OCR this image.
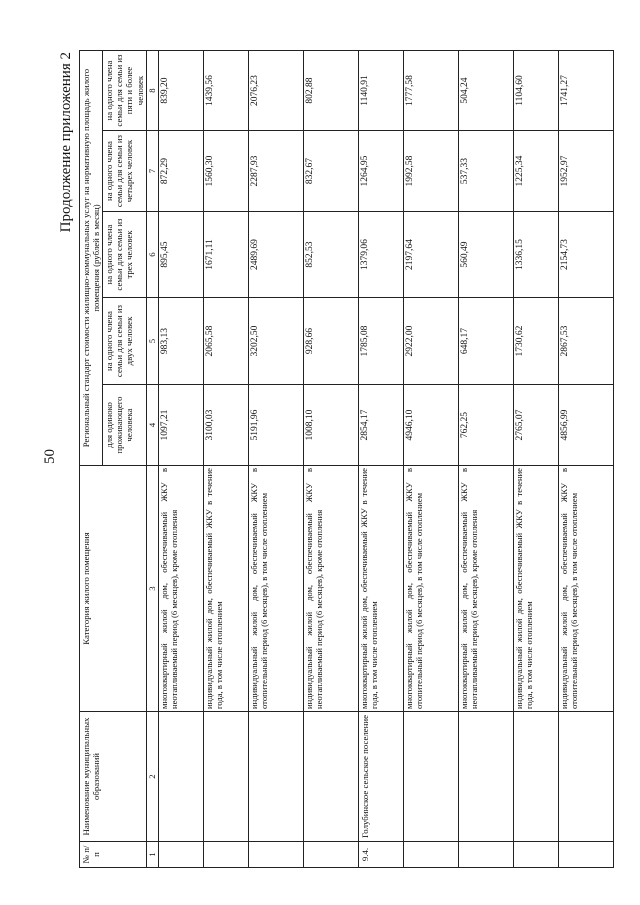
50
Продолжение приложения 2
№ п/п	Наименование муниципальных образований	Категория жилого помещения	Региональный стандарт стоимости жилищно-коммунальных услуг на нормативную площадь жилого помещения (рублей в месяц)				
			для одиноко проживающего человека	на одного члена семьи для семьи из двух человек	на одного члена семьи для семьи из трех человек	на одного члена семьи для семьи из четырех человек	на одного члена семьи для семьи из пяти и более человек
1	2	3	4	5	6	7	8
		многоквартирный жилой дом, обеспечиваемый ЖКУ в неотапливаемый период (6 месяцев), кроме отопления	1097,21	983,13	895,45	872,29	839,20
		индивидуальный жилой дом, обеспечиваемый ЖКУ в течение года, в том числе отоплением	3100,03	2065,58	1671,11	1560,30	1439,56
		индивидуальный жилой дом, обеспечиваемый ЖКУ в отопительный период (6 месяцев), в том числе отоплением	5191,96	3202,50	2489,69	2287,93	2076,23
		индивидуальный жилой дом, обеспечиваемый ЖКУ в неотапливаемый период (6 месяцев), кроме отопления	1008,10	928,66	852,53	832,67	802,88
9.4.	Голубинское сельское поселение	многоквартирный жилой дом, обеспечиваемый ЖКУ в течение года, в том числе отоплением	2854,17	1785,08	1379,06	1264,95	1140,91
		многоквартирный жилой дом, обеспечиваемый ЖКУ в отопительный период (6 месяцев), в том числе отоплением	4946,10	2922,00	2197,64	1992,58	1777,58
		многоквартирный жилой дом, обеспечиваемый ЖКУ в неотапливаемый период (6 месяцев), кроме отопления	762,25	648,17	560,49	537,33	504,24
		индивидуальный жилой дом, обеспечиваемый ЖКУ в течение года, в том числе отоплением	2765,07	1730,62	1336,15	1225,34	1104,60
		индивидуальный жилой дом, обеспечиваемый ЖКУ в отопительный период (6 месяцев), в том числе отоплением	4856,99	2867,53	2154,73	1952,97	1741,27
